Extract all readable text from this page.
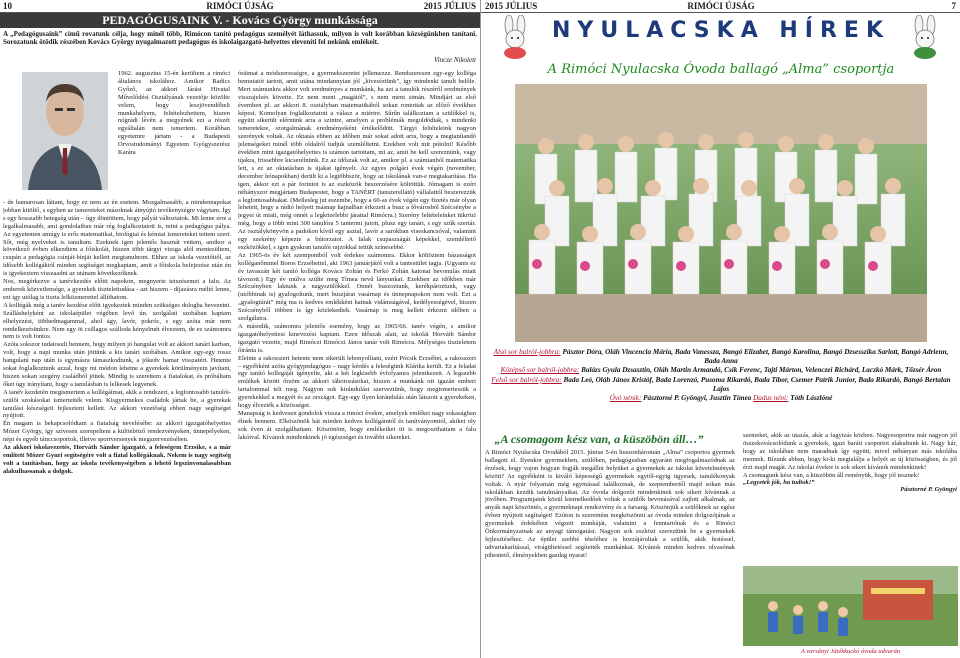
10	RIMÓCI ÚJSÁG	2015 JÚLIUS
PEDAGÓGUSAINK V. - Kovács György munkássága
A „Pedagógusaink” című rovatunk célja, hogy minél több, Rimócon tanító pedagógus személyét láthassuk, milyen is volt korábban községünkben tanítani. Sorozatunk ötödik részében Kovács György nyugalmazott pedagógus és iskolaigazgató-helyettes eleveníti fel nekünk emlékeit.
Vincze Nikolett

1962. augusztus 15-én kerültem a rimóci általános iskolához. Amikor Radics Győző, az akkori Járási Hivatal Művelődési Osztályának vezetője közölte velem, hogy leszjövendőbeli munkahelyem, feltételezhettem, hiszen nógrádi lévén a megyének ezt a részét egyáltalán nem ismertem. Korábban egyetemre jártam - a Budapesti Orvostudományi Egyetem Gyógyszerész Karára

- de hamarosan láttam, hogy ez nem az én esetem. Mozgalmasabb, a mindennapokat jobban kitöltő, s egyben az ismereteket másoknak átnyújtó tevékenységre vágytam. Így s egy hosszabb betegség után – úgy döntöttem, hogy pályát változtatok. Mi lenne erre a legalkalmasabb, ami gondolatban már rég foglalkoztatott is, mint a pedagógus pálya. Az egyetemen amúgy is erős matematikai, biológiai és kémiai ismereteket tettem szert. Sőt, még nyelveket is tanultam. Ezeknek igen jelentős hasznát vettem, amikor a következő évben elkezdtem a főiskolát, hiszen több tárgyi vizsga alól mentesültem, csupán a pedagógia csínját-bínját kellett megtanulnom. Ehhez az iskola vezetőitől, az idősebb kollégáktól minden segítséget megkaptam, amit a főiskola befejezése után én is igyekeztem visszaadni az utánam következőknek.

Nos, megérkezve a tanévkezdés előtti napokon, megnyerte tetszésemet a falu. Az emberek közvetlensége, a gyerekek tisztelettudása - azt hiszem - díjazásra méltó lenne, ezt így utólag is tiszta lelkiismerettel állíthatom.

A kollégák még a tanév kezdése előtt igyekeztek minden szükséges dologba bevezetni. Szálláshelyként az iskolaépület végében levő ún. szolgálati szobában kaptam elhelyezést, többedmagammal, ahol ágy, lavór, pokróc, s egy azóta már nem rendelkezésünkre. Nem egy öt csillagos szálloda kényelmét élveztem, de ez számomra nem is volt fontos.

Azóta sokszor tudatosult bennem, hogy milyen jó hangulat volt az akkori tanári karban, volt, hogy a napi munka után jöttünk a kis tanári szobában. Amikor egy-egy rossz hangulatú nap után is egymásra támaszkodtunk, a jókedv hamar visszatért. Hetente sokat foglalkoztunk azzal, hogy mi módon lehetne a gyerekek körülményein javítani, hiszen sokan szegény családból jöttek. Mindig is szerettem a fiatalokat, és próbáltam őket úgy irányítani, hogy a tanulásban is lelkesek legyenek.

A tanév kezdetén megismertem a kollégáimat, akik a rendszert, a legfontosabb tanulói-szülői szokásokat ismertették velem. Kisgyermekes családok jártak be, a gyerekek tanulási készségeit fejleszteni kellett. Az akkori vezetőség ebben nagy segítséget nyújtott.

Én magam is bekapcsolódtam a fiatalság nevelésébe: az akkori igazgatóhelyettes Mózer György, így szívesen szerepeltem a különböző rendezvényeken, ünnepélyeken, népi és egyéb tánccsoportok, illetve sportversenyek megszervezésében.

Az akkori iskolavezetés, Horváth Sándor igazgató, a feleségem Erzsike, s a már említett Mózer Gyuri segítségére volt a fiatal kollégáknak. Nekem is nagy segítség volt a tanításban, hogy az iskola tevékenységében a lehető legszinvonalasabban alakulhassanak a dolgok.

óráimat a módszerességre, a gyermekszeretet jellemezze. Rendszeresen egy-egy kolléga bemutatót tartott, amit utána mindannyian jól „kiveséztünk”, így mindenki tanult belőle. Mert számunkra akkor volt eredményes a munkánk, ha azt a tanulók részéről eredmények visszajelzés követte. Ez nem ment „magától”, s nem ment simán. Mindjárt az első évemben pl. az akkori 8. osztályban matematikából sokan rontottak az előző éveikhez képest. Komolyan foglalkoztatott a válasz a miértre. Sűrűn találkoztam a szülőkkel is, együtt sikerült elérnünk arra a szintre, amelyen a problémák megoldódtak, s mindenki ismeretekre, szorgalmának eredményeként értékelődött. Tárgyi feltételeink nagyon szerények voltak. Az oktatás ebben az időben már sokat adott arra, hogy a megtanítandó jelenségeket minél több oldalról tudjuk szemléltetni. Ezekben volt mit pótolni! Később években mint igazgatóhelyettes is számon tartottam, mi az, amit be kell szereznünk, vagy újakra, frissebbre kicserélnünk. Ez az időszak volt az, amikor pl. a számtanból matematika lett, s ez az oktatásban is újakat igényelt. Az egyes polgári évek végén (november, december hónapokban) derült ki a legtöbbször, hogy az iskolának van-e megtakarítása. Ha igen, akkor ezt a pár forintot is az eszközök beszerzésére költöttük. Jómagam is ezért néhányszor megjártam Budapestet, hogy a TANÉRT (tanszerellátó) vállalattól beszerezzük a legfontosabbakat. (Mellesleg jut eszembe, hogy a 60-as évek végén egy fizetés már olyan lehetett, hogy a rádió helyett másnap hajnalban érkezett a busz a fővárosból Szécsénybe a jegyei út miatt, még onnét a legközelebbi járattal Rimócra.) Szerény feltételeinket tükrözi még, hogy a több mint 300 tanulóra 5 tantermi jutott, plusz egy tanári, s egy szűk szertár. Az osztálykönyvön a padokon kívül egy asztal, lavór a sarokban viseskancsóval, valamint egy szekrény képezte a bútorzatot. A falak csupaszságát képekkel, szemléltető eszközökkel, s igen gyakran tanulói rajzokkal tettük színesebbé.

Az 1965-ös év két szempontból volt érdekes számomra. Ekkor költöztem házasságot kolléganőmmel Boros Erzsébettel, aki 1963 januárjától volt a tantestület tagja. (Ugyanis ez év tavaszán két tanító kolléga Kovács Zoltán és Ferkó Zoltán katonai bevonulás miatt távozott.) Egy év múlva szülte meg Tímea nevű lányunkat. Ezekben az időkben már Szécsényben laktunk a nagyszülőkkel. Onnét buszoztunk, kerékpároztunk, vagy (utóbbinak is) gyalogoltunk, mert buszjárat vasárnap és ünnepnapokon nem volt. Ezt a „gyalogtúrát” még ma is kedves emlékként hatnak vidámságával, kedélyességével, hiszen Szécsényből többen is így közlekedtek. Vasárnap is meg kellett érkezni időben a szolgálatra.

A második, számomra jelentős esemény, hogy az 1965/66. tanév végén, s amikor igazgatóhelyettesi kinevezést kaptam. Ezen időszak alatt, az iskolát Horváth Sándor igazgató vezette, majd Rimóczi Rimóczi János tanár volt Rimócra. Mélységes tiszteletem őiránta is.

Eleinte a rakosszert hetente nem sikerült lebonyolítani, ezért Pócsik Erzsébet, a rakosszert – egyébként azóta gyógypedagógus – nagy kérdés a feleségünk Klárika került. Ez a feladat egy tanító kollegáját igényelte, aki a két legkisebb évfolyamra jelentkezett. A legszebb emlékek között őrzöm az akkori táborozásokat, hiszen a munkánk ott igazán emberi tartalommal telt meg. Nagyon sok kirándulást szerveztünk, hogy megismertessük a gyerekekkel a megyét és az országot. Egy-egy ilyen kirándulás után látszott a gyerekeken, hogy élvezték a közösséget.

Manapság is kedvesen gondolok vissza a rimóci évekre, amelyek emlékei nagy sokaságban élnek bennem. Elköszönök hát minden kedves kollégámtól és tanítványomtól, akiket oly sok éven át szolgálhattam. Köszönöm, hogy emlékeiket itt is megoszthattam a falu lakóival. Kívánok mindenkinek jó egészséget és további sikereket.

2015 JÚLIUS	RIMÓCI ÚJSÁG	7
NYULACSKA HÍREK
A Rimóci Nyulacska Óvoda ballagó „Alma” csoportja
Alsó sor balról-jobbra: Pásztor Dóra, Oláh Vincencia Mária, Bada Vanessza, Bangó Elizabet, Bangó Karolina, Bangó Dzsesszika Sarlott, Bangó Adrienn, Bada Anna
Középső sor balról-jobbra: Balázs Gyula Dzsasztin, Oláh Martin Armandó, Csík Ferenc, Tajti Márton, Velenczei Richárd, Laczkó Márk, Tőzsér Áron
Felső sor balról-jobbra: Bada Leó, Oláh János Kristóf, Bada Lorenzó, Pusoma Rikardó, Bada Tibor, Csemer Patrik Junior, Bada Rikardó, Bangó Bertalan Lajos
Óvó nénik: Pásztorné P. Gyöngyi, Jusztin Tímea Dadus néni: Tóth Lászlóné
„A csomagom kész van, a küszöbön áll…”

A Rimóci Nyulacska Óvodából 2015. június 5-én huszonháromán „Alma” csoportos gyermek ballagott el. Ilyenkor gyermekben, szülőben, pedagógusban egyaránt megfogalmazódnak az érzések, hogy vajon hogyan fogják megállni helyüket a gyermekek az iskolai követelmények között? Az egyébként is kiváló képességű gyermekek egytől-egyig ügyesek, tanulékonyak voltak. A nyár folyamán még egymással találkoznak, de szeptembertől majd sokan más iskolákban kezdik tanulmányaikat. Az óvoda dolgozói mindenkinek sok sikert kívánnak a jövőben. Programjaink közül kiemelkedőek voltak a szülők bevonásával zajlott alkalmak, az anyák napi köszöntés, a gyermeknapi rendezvény és a farsang. Köszönjük a szülőknek az egész évben nyújtott segítséget! Ezúton is szeretném megköszönni az óvoda minden dolgozójának a gyermekek érdekében végzett munkáját, valamint a fenntartónak és a Rimóci Önkormányzatnak az anyagi támogatást. Nagyon sok eszközt szereztünk be a gyermekek fejlesztéséhez. Az épület szebbé tételéhez is hozzájárultak a szülők, akik festéssel, udvartakarítással, virágültetéssel segítették munkánkat. Kívánok minden kedves olvasónak pihentető, élményekben gazdag nyarat!

szemeket, akik az utazás, akár a fagyizás közben. Nagyesoportra már nagyon jól összekovácsolódunk a gyerekek, igazi baráti csoportot alakultunk ki. Nagy kár, hogy az iskolában nem maradnak így együtt, mivel néhányan más iskolába mennek. Bízunk abban, hogy ki-ki megtalálja a helyét az új közösségben, és jól érzi majd magát. Az iskolai évekre is sok sikert kívánok mindenkinek!

A csomagunk kész van, a küszöbön áll reményük, hogy jól tesznek!

„Legyetek jók, ha tudtok!”

Pásztorné P. Gyöngyi

A varsányi Játékkuckó óvoda udvarán
